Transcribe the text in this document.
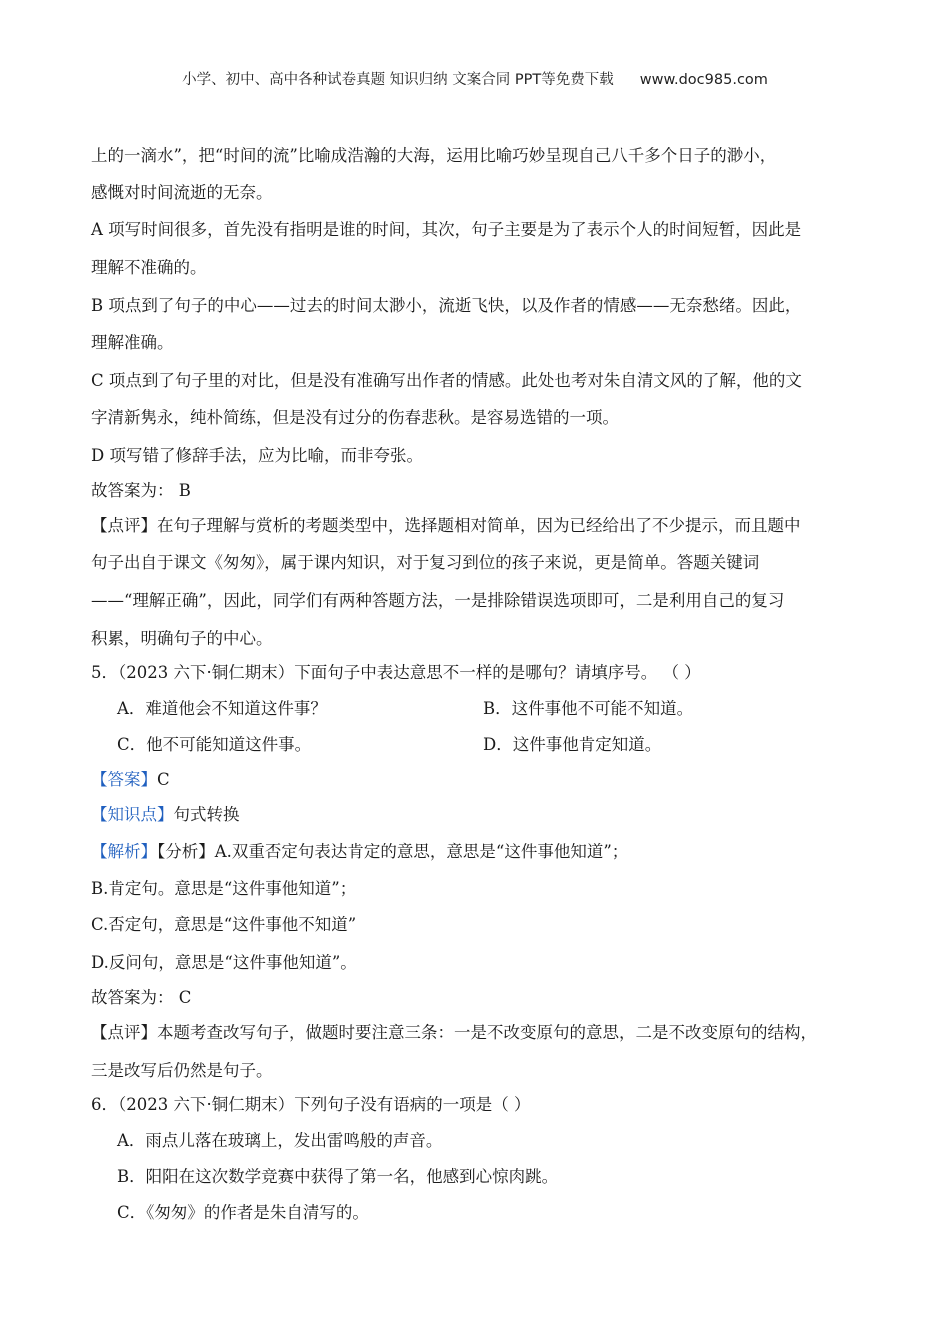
小学、初中、高中各种试卷真题 知识归纳 文案合同 PPT等免费下载 www.doc985.com
上的一滴水”，把“时间的流”比喻成浩瀚的大海，运用比喻巧妙呈现自己八千多个日子的渺小，
感慨对时间流逝的无奈。
A 项写时间很多，首先没有指明是谁的时间，其次，句子主要是为了表示个人的时间短暂，因此是
理解不准确的。
B 项点到了句子的中心——过去的时间太渺小，流逝飞快，以及作者的情感——无奈愁绪。因此，
理解准确。
C 项点到了句子里的对比，但是没有准确写出作者的情感。此处也考对朱自清文风的了解，他的文
字清新隽永，纯朴简练，但是没有过分的伤春悲秋。是容易选错的一项。
D 项写错了修辞手法，应为比喻，而非夸张。
故答案为： B
【点评】在句子理解与赏析的考题类型中，选择题相对简单，因为已经给出了不少提示，而且题中
句子出自于课文《匆匆》，属于课内知识，对于复习到位的孩子来说，更是简单。答题关键词
——“理解正确”，因此，同学们有两种答题方法，一是排除错误选项即可，二是利用自己的复习
积累，明确句子的中心。
5．（2023 六下·铜仁期末）下面句子中表达意思不一样的是哪句？请填序号。 （ ）
A．难道他会不知道这件事？	B．这件事他不可能不知道。
C．他不可能知道这件事。	D．这件事他肯定知道。
【答案】C
【知识点】句式转换
【解析】【分析】A.双重否定句表达肯定的意思，意思是“这件事他知道”；
B.肯定句。意思是“这件事他知道”；
C.否定句，意思是“这件事他不知道”
D.反问句，意思是“这件事他知道”。
故答案为： C
【点评】本题考查改写句子，做题时要注意三条：一是不改变原句的意思，二是不改变原句的结构，
三是改写后仍然是句子。
6．（2023 六下·铜仁期末）下列句子没有语病的一项是（ ）
A．雨点儿落在玻璃上，发出雷鸣般的声音。
B．阳阳在这次数学竞赛中获得了第一名，他感到心惊肉跳。
C．《匆匆》的作者是朱自清写的。
